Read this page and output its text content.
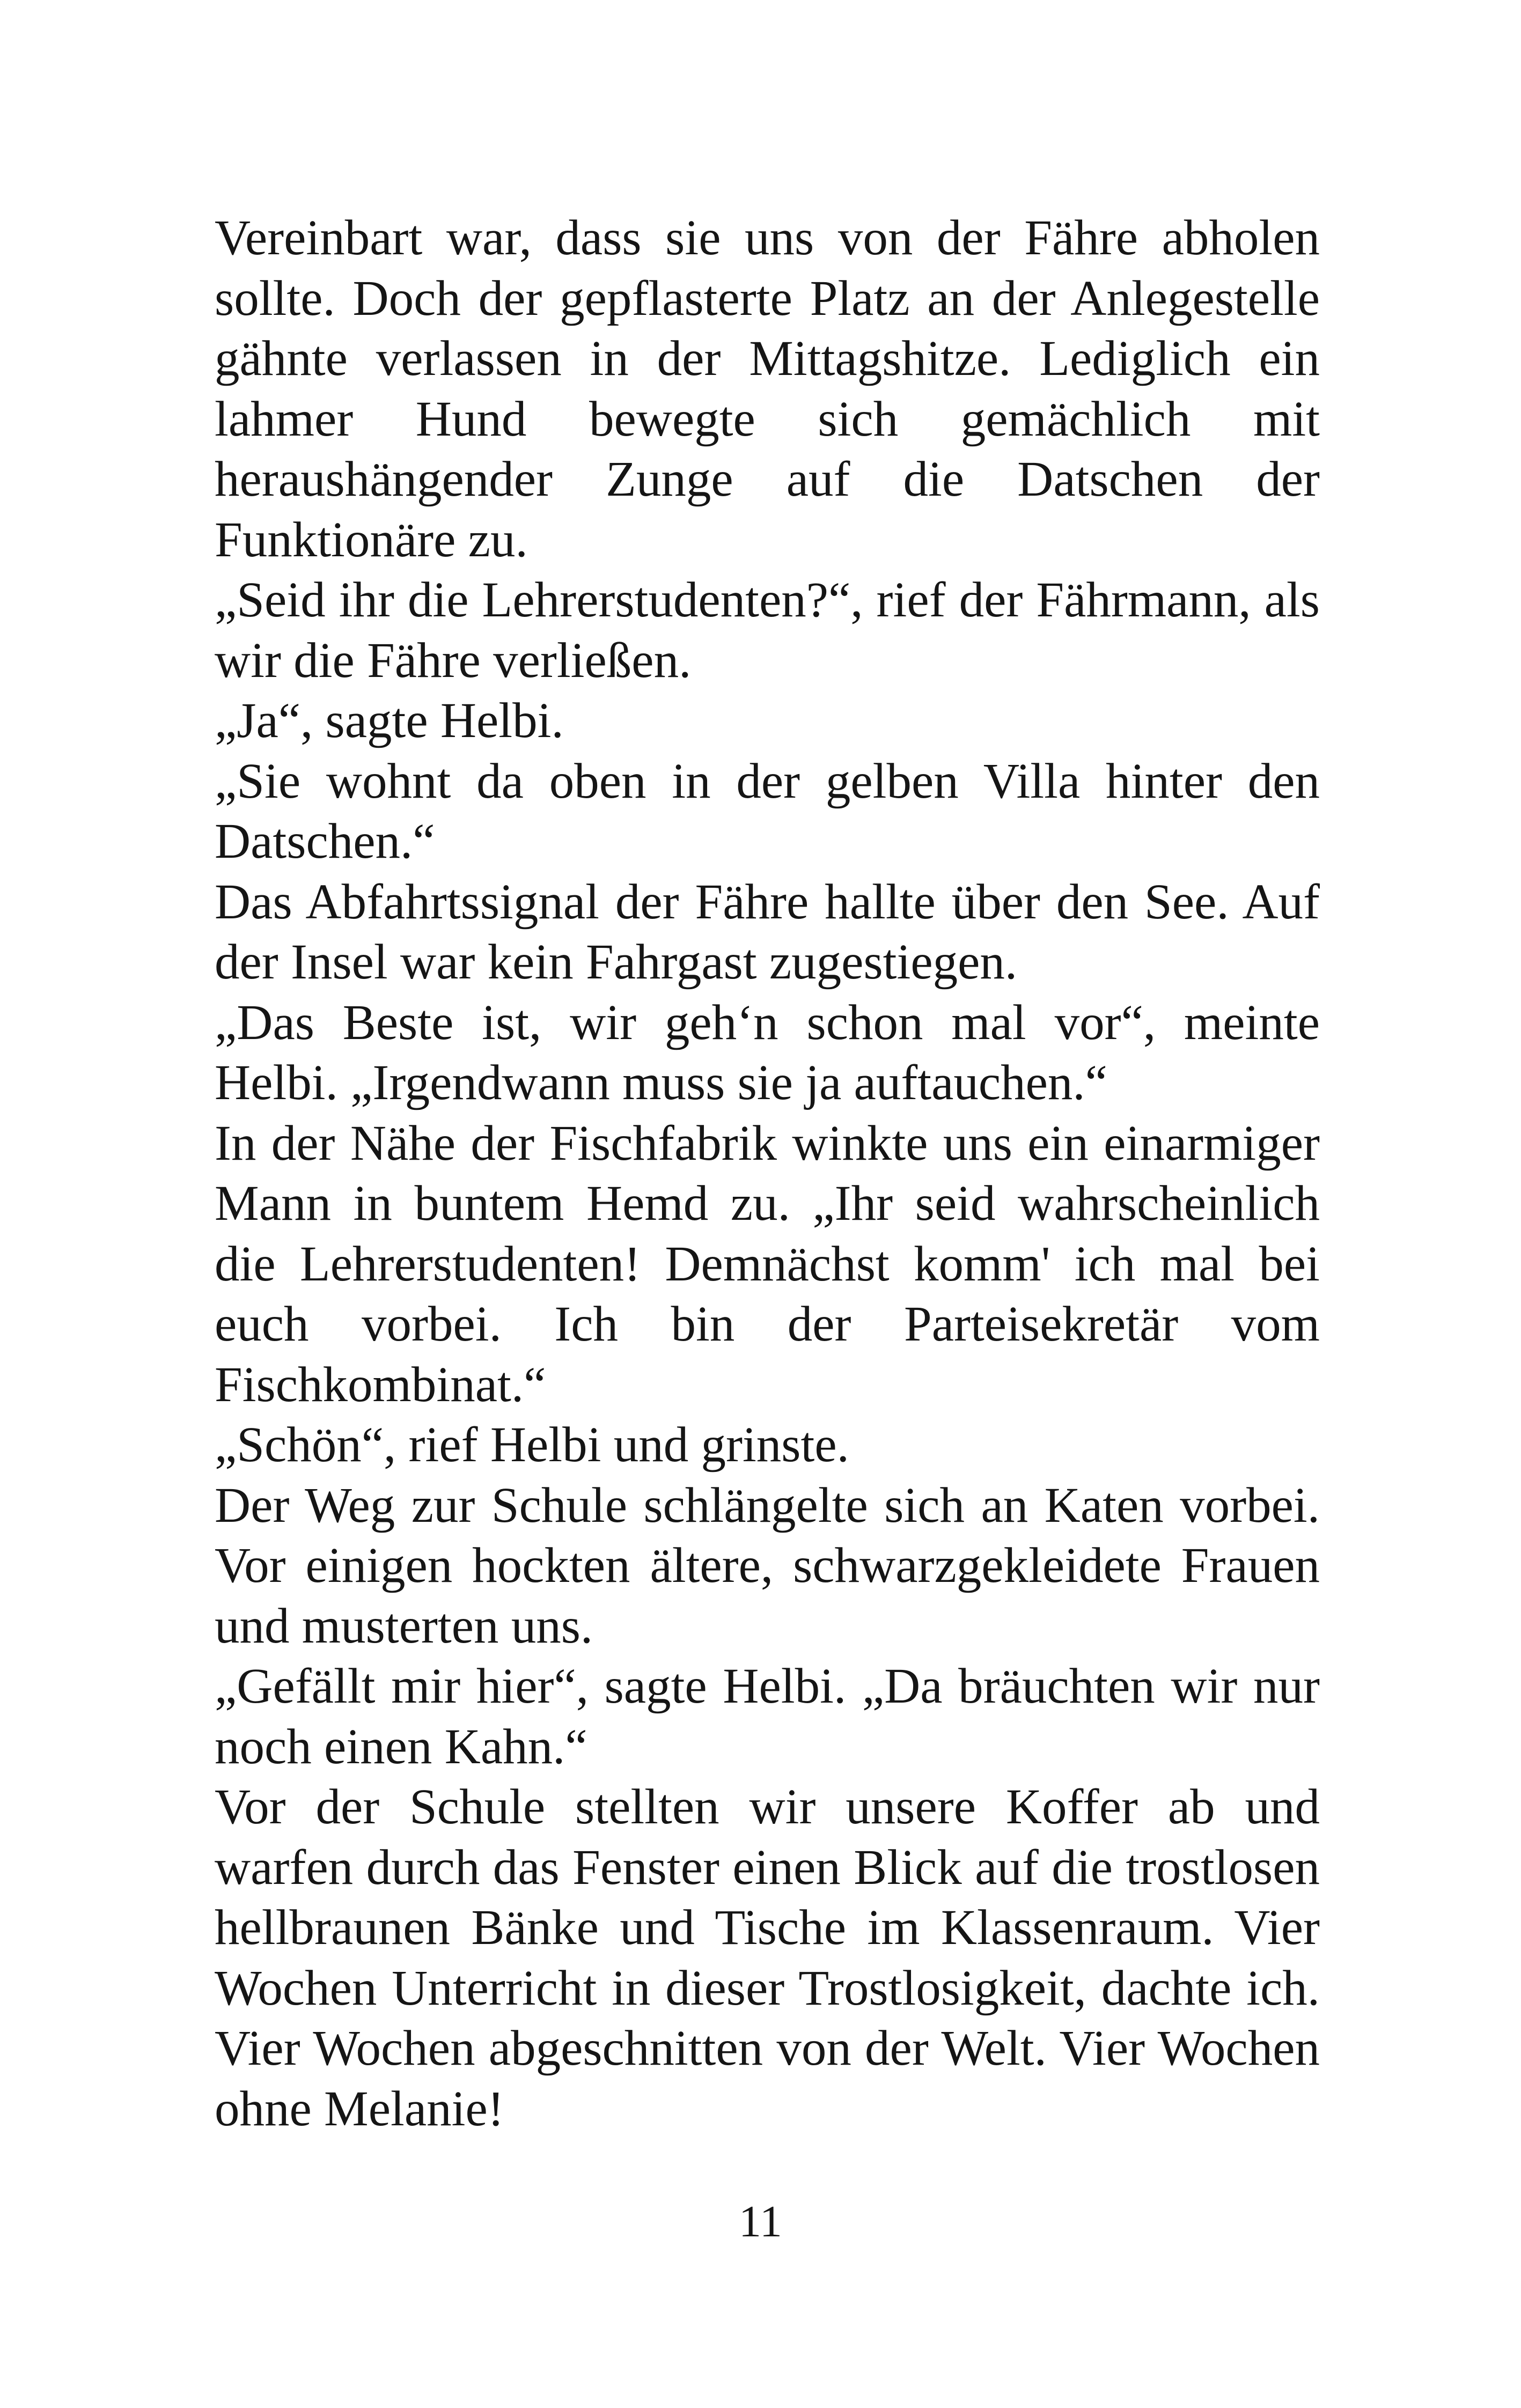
Vereinbart war, dass sie uns von der Fähre abholen sollte. Doch der gepflasterte Platz an der Anlegestelle gähnte verlassen in der Mittagshitze. Lediglich ein lahmer Hund bewegte sich gemächlich mit heraushängender Zunge auf die Datschen der Funktionäre zu.

„Seid ihr die Lehrerstudenten?“, rief der Fährmann, als wir die Fähre verließen.

„Ja“, sagte Helbi.

„Sie wohnt da oben in der gelben Villa hinter den Datschen.“

Das Abfahrtssignal der Fähre hallte über den See. Auf der Insel war kein Fahrgast zugestiegen.

„Das Beste ist, wir geh‘n schon mal vor“, meinte Helbi. „Irgendwann muss sie ja auftauchen.“

In der Nähe der Fischfabrik winkte uns ein einarmiger Mann in buntem Hemd zu. „Ihr seid wahrscheinlich die Lehrerstudenten! Demnächst komm' ich mal bei euch vorbei. Ich bin der Parteisekretär vom Fischkombinat.“

„Schön“, rief Helbi und grinste.

Der Weg zur Schule schlängelte sich an Katen vorbei. Vor einigen hockten ältere, schwarzgekleidete Frauen und musterten uns.

„Gefällt mir hier“, sagte Helbi. „Da bräuchten wir nur noch einen Kahn.“

Vor der Schule stellten wir unsere Koffer ab und warfen durch das Fenster einen Blick auf die trostlosen hellbraunen Bänke und Tische im Klassenraum. Vier Wochen Unterricht in dieser Trostlosigkeit, dachte ich. Vier Wochen abgeschnitten von der Welt. Vier Wochen ohne Melanie!

11
